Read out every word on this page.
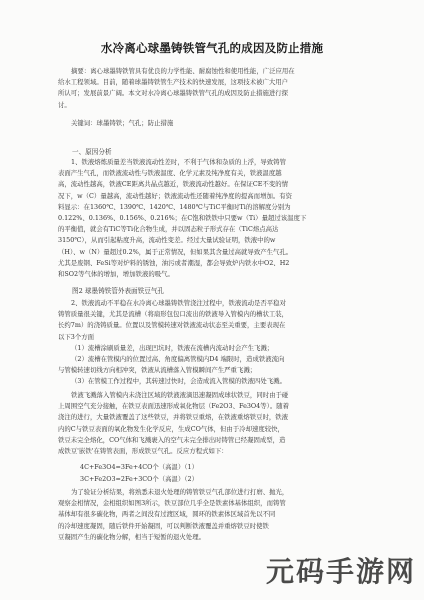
水冷离心球墨铸铁管气孔的成因及防止措施
摘要：离心球墨铸铁管具有优良的力学性能、耐腐蚀性和使用性能，广泛应用在
给水工程领域。目前，随着球墨铸铁管生产技术的快速发展，这项技术被广大用户
所认可；发展前景广阔。本文对水冷离心球墨铸铁管气孔的成因及防止措施进行探
讨。
关键词：球墨铸铁；气孔；防止措施
一、原因分析
1、铁液熔炼质量差当铁液流动性差时，不利于气体和杂质的上浮，导致铸管
表面产生气孔，而铁液流动性与铁液温度、化学元素及纯净度有关，铁液温度越
高，流动性越高，铁液CE距离共晶点越近，铁液流动性越好。在保证CE不变的情
况下，w（C）量越高，流动性越好；铁液流动性还随着纯净度的提高而增加。有资
料显示：在1360℃、1390℃、1420℃、1480℃与TiC平衡时Ti的溶解度分别为
0.122%、0.136%、0.156%、0.216%；在C饱和铁铁中只要w（Ti）量超过该温度下
的平衡值，就会有TiC等Ti化合物生成，并以固态粒子形式存在（TiC熔点高达
3150℃），从而引起粘度升高，流动性变差。经过大量试验证明，铁液中的w
（H）、w（N）量超过0.2%，属于正常情况，但如果其含量过高就导致产生气孔。
尤其是废钢、FeSi等对炉料的锈蚀，油污或者潮湿，都会导致炉内铁水中O2、H2
和SO2等气体的增加，增加铁液的吸气。
图2 球墨铸铁管外表面铁豆气孔
2、铁液流动不平稳在水冷离心球墨铸铁管浇注过程中，铁液流动是否平稳对
铸管质量很关键，尤其是流槽（将扇形包包口流出的铁液导入管模内的槽状工装，
长约7m）的浇铸质量。位置以及管模转速对铁液流动状态至关重要，主要表现在
以下3个方面
（1）流槽涂刷质量差，出现凹坑时，铁液在流槽内流动时会产生飞溅；
（2）流槽在管模内的位置过高、角度偏离管模内D4 端限时，造成铁液流向
与管模转速切线方向相冲突，铁液从流槽落入管模瞬间产生严重飞溅；
（3）在管模工作过程中，其转速过快时，会造成流入管模的铁液四处飞溅。
铁液飞溅落入管模内未浇注区域的铁液液滴迅速凝固成球状铁豆，同时由于碰
上周围空气充分接触，在铁豆表面迅速形成氧化物层（Fe2O3、Fe3O4等）。随着
浇注的进行，大量铁液覆盖了这些铁豆，并将铁豆重熔，在铁液重熔铁豆时，铁液
内的C与铁豆表面的氧化物发生化学反应，生成CO气体，但由于冷却速度较快，
铁豆未完全熔化，CO气体和飞溅裹入的空气未完全排出时铸管已经凝固成型，造
成铁豆'嵌铁'在铸管表面，形成铁豆气孔。反应方程式如下：
4C+Fe3O4=3Fe+4CO个（高温）（1）
3C+Fe2O3=2Fe+3CO个（高温）（2）
为了验证分析结果，将熟悉未退火处理的铸管铁豆气孔部位进行打磨、抛光，
观察金相情况，金相组织如图3所示，铁豆部位几乎全是铁素体基体组织，而铸管
基体却有很多碳化物，两者之间没有过渡区域，圆环的铁素体区域首先以不同
的冷却速度凝固，随后铁件开始凝固，可以判断铁液覆盖并重熔铁豆时使铁
豆凝固产生的碳化物分解，相当于短暂的退火处理。
元码手游网
